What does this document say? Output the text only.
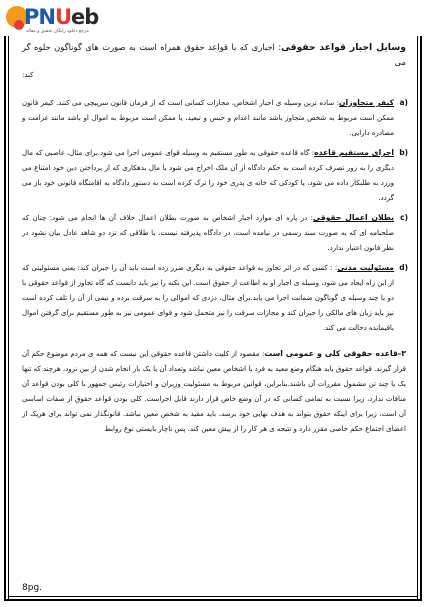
PNUeb
مرجع دانلود رایگان تحقیق و مقاله

وسایل اجبار قواعد حقوقی: اجباری که با قواعد حقوق همراه است به صورت های گوناگون جلوه گر می

کند:

a)
کیفر متجاوزان: ساده ترین وسیله ی اجبار اشخاص، مجازات کسانی است که از فرمان قانون سرپیچی می کنند. کیفر قانون ممکن است مربوط به شخص متجاوز باشد مانند اعدام و حبس و تبعید، یا ممکن است مربوط به اموال او باشد مانند غرامت و مصادره دارایی.

b)
اجرای مستقیم قاعده: گاه قاعده حقوقی به طور مستقیم به وسیله قوای عمومی اجرا می شود.برای مثال، غاصبی که مال دیگری را به زور تصرف کرده است به حکم دادگاه از آن ملک اخراج می شود یا مال بدهکاری که از پرداختن دین خود امتناع می ورزد به طلبکار داده می شود، یا کودکی که خانه ی پدری خود را ترک کرده است به دستور دادگاه به اقامتگاه قانونی خود باز می گردد.

c)
بطلان اعمال حقوقی: در پاره ای موارد اجبار اشخاص به صورت بطلان اعمال خلاف آن ها انجام می شود: چنان که صلحنامه ای که به صورت سند رسمی در نیامده است، در دادگاه پذیرفته نیست، یا طلاقی که نزد دو شاهد عادل بیان نشود در نظر قانون اعتبار ندارد.

d)
مسئولیت مدنی: : کسی که در اثر تجاوز به قواعد حقوقی به دیگری ضرر زده است باید آن را جبران کند: یعنی مسئولیتی که از این راه ایجاد می شود، وسیله ی اجبار او به اطاعت از حقوق است. این نکته را نیز باید دانست که گاه تجاوز از قواعد حقوقی با دو یا چند وسیله ی گوناگون ضمانت اجرا می یابد.برای مثال، دزدی که اموالی را به سرقت برده و نیمی از آن را تلف کرده است نیز باید زیان های مالکی را جبران کند و مجازات سرقت را نیز متحمل شود و قوای عمومی نیز به طور مستقیم برای گرفتن اموال باقیمانده دخالت می کند.

۳-قاعده حقوقی کلی و عمومی است: مقصود از کلیت داشتن قاعده حقوقی این نیست که همه ی مردم موضوع حکم آن قرار گیرند. قواعد حقوق باید هنگام وضع معید به فرد یا اشخاص معین نباشد وتعداد آن یا یک بار انجام شدن از بین نرود، هرچند که تنها یک یا چند تن مشمول مقررات آن باشند.بنابراین، قوانین مربوط به مسئولیت وزیران و اختیارات رئیس جمهور با کلی بودن قواعد آن منافات ندارد، زیرا نسبت به تمامی کسانی که در آن وضع خاص قرار دارند قابل اجراست. کلی بودن قواعد حقوق از صفات اساسی آن است، زیرا برای اینکه حقوق بتواند به هدف نهایی خود برسد، باید مقید به شخص معین نباشد. قانونگذار نمی تواند برای هریک از اعضای اجتماع حکم خاصی مقرر دارد و نتیجه ی هر کار را از پیش معین کند. پس ناچار بایستی نوع روابط

8pg.
